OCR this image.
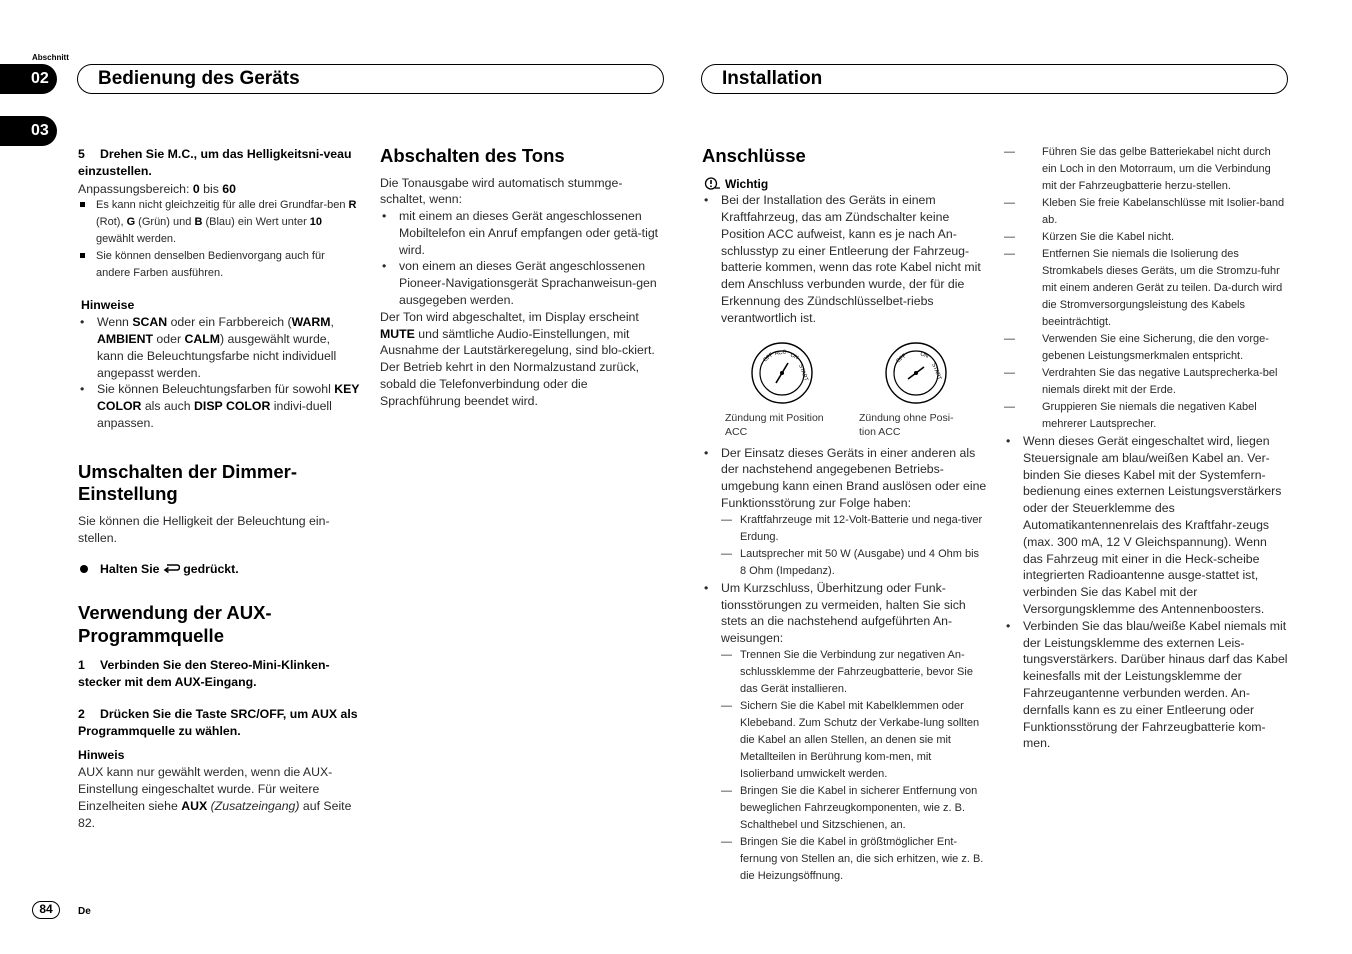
Abschnitt
02
03
Bedienung des Geräts	Installation

5 Drehen Sie M.C., um das Helligkeitsni-veau einzustellen.

Anpassungsbereich: 0 bis 60

Es kann nicht gleichzeitig für alle drei Grundfar-ben R (Rot), G (Grün) und B (Blau) ein Wert unter 10 gewählt werden.

Sie können denselben Bedienvorgang auch für andere Farben ausführen.

Hinweise

• Wenn SCAN oder ein Farbbereich (WARM, AMBIENT oder CALM) ausgewählt wurde, kann die Beleuchtungsfarbe nicht individuell angepasst werden.

• Sie können Beleuchtungsfarben für sowohl KEY COLOR als auch DISP COLOR indivi-duell anpassen.

Umschalten der Dimmer-Einstellung

Sie können die Helligkeit der Beleuchtung ein-stellen.

Halten Sie  gedrückt.

Verwendung der AUX-Programmquelle

1 Verbinden Sie den Stereo-Mini-Klinken-stecker mit dem AUX-Eingang.

2 Drücken Sie die Taste SRC/OFF, um AUX als Programmquelle zu wählen.

Hinweis

AUX kann nur gewählt werden, wenn die AUX-Einstellung eingeschaltet wurde. Für weitere Einzelheiten siehe AUX (Zusatzeingang) auf Seite 82.

Abschalten des Tons

Die Tonausgabe wird automatisch stummge-schaltet, wenn:

• mit einem an dieses Gerät angeschlossenen Mobiltelefon ein Anruf empfangen oder getä-tigt wird.

• von einem an dieses Gerät angeschlossenen Pioneer-Navigationsgerät Sprachanweisun-gen ausgegeben werden.

Der Ton wird abgeschaltet, im Display erscheint MUTE und sämtliche Audio-Einstellungen, mit Ausnahme der Lautstärkeregelung, sind blo-ckiert. Der Betrieb kehrt in den Normalzustand zurück, sobald die Telefonverbindung oder die Sprachführung beendet wird.

Anschlüsse

Wichtig

• Bei der Installation des Geräts in einem Kraftfahrzeug, das am Zündschalter keine Position ACC aufweist, kann es je nach An-schlusstyp zu einer Entleerung der Fahrzeug-batterie kommen, wenn das rote Kabel nicht mit dem Anschluss verbunden wurde, der für die Erkennung des Zündschlüsselbet-riebs verantwortlich ist.

OFF ACC ON
START
OFF ON
START
Zündung mit Position ACC
Zündung ohne Posi-tion ACC

• Der Einsatz dieses Geräts in einer anderen als der nachstehend angegebenen Betriebs-umgebung kann einen Brand auslösen oder eine Funktionsstörung zur Folge haben:

— Kraftfahrzeuge mit 12-Volt-Batterie und nega-tiver Erdung.

— Lautsprecher mit 50 W (Ausgabe) und 4 Ohm bis 8 Ohm (Impedanz).

• Um Kurzschluss, Überhitzung oder Funk-tionsstörungen zu vermeiden, halten Sie sich stets an die nachstehend aufgeführten An-weisungen:

— Trennen Sie die Verbindung zur negativen An-schlussklemme der Fahrzeugbatterie, bevor Sie das Gerät installieren.

— Sichern Sie die Kabel mit Kabelklemmen oder Klebeband. Zum Schutz der Verkabe-lung sollten die Kabel an allen Stellen, an denen sie mit Metallteilen in Berührung kom-men, mit Isolierband umwickelt werden.

— Bringen Sie die Kabel in sicherer Entfernung von beweglichen Fahrzeugkomponenten, wie z. B. Schalthebel und Sitzschienen, an.

— Bringen Sie die Kabel in größtmöglicher Ent-fernung von Stellen an, die sich erhitzen, wie z. B. die Heizungsöffnung.

— Führen Sie das gelbe Batteriekabel nicht durch ein Loch in den Motorraum, um die Verbindung mit der Fahrzeugbatterie herzu-stellen.

— Kleben Sie freie Kabelanschlüsse mit Isolier-band ab.

— Kürzen Sie die Kabel nicht.

— Entfernen Sie niemals die Isolierung des Stromkabels dieses Geräts, um die Stromzu-fuhr mit einem anderen Gerät zu teilen. Da-durch wird die Stromversorgungsleistung des Kabels beeinträchtigt.

— Verwenden Sie eine Sicherung, die den vorge-gebenen Leistungsmerkmalen entspricht.

— Verdrahten Sie das negative Lautsprecherka-bel niemals direkt mit der Erde.

— Gruppieren Sie niemals die negativen Kabel mehrerer Lautsprecher.

• Wenn dieses Gerät eingeschaltet wird, liegen Steuersignale am blau/weißen Kabel an. Ver-binden Sie dieses Kabel mit der Systemfern-bedienung eines externen Leistungsverstärkers oder der Steuerklemme des Automatikantennenrelais des Kraftfahr-zeugs (max. 300 mA, 12 V Gleichspannung). Wenn das Fahrzeug mit einer in die Heck-scheibe integrierten Radioantenne ausge-stattet ist, verbinden Sie das Kabel mit der Versorgungsklemme des Antennenboosters.

• Verbinden Sie das blau/weiße Kabel niemals mit der Leistungsklemme des externen Leis-tungsverstärkers. Darüber hinaus darf das Kabel keinesfalls mit der Leistungsklemme der Fahrzeugantenne verbunden werden. An-dernfalls kann es zu einer Entleerung oder Funktionsstörung der Fahrzeugbatterie kom-men.

84	De
